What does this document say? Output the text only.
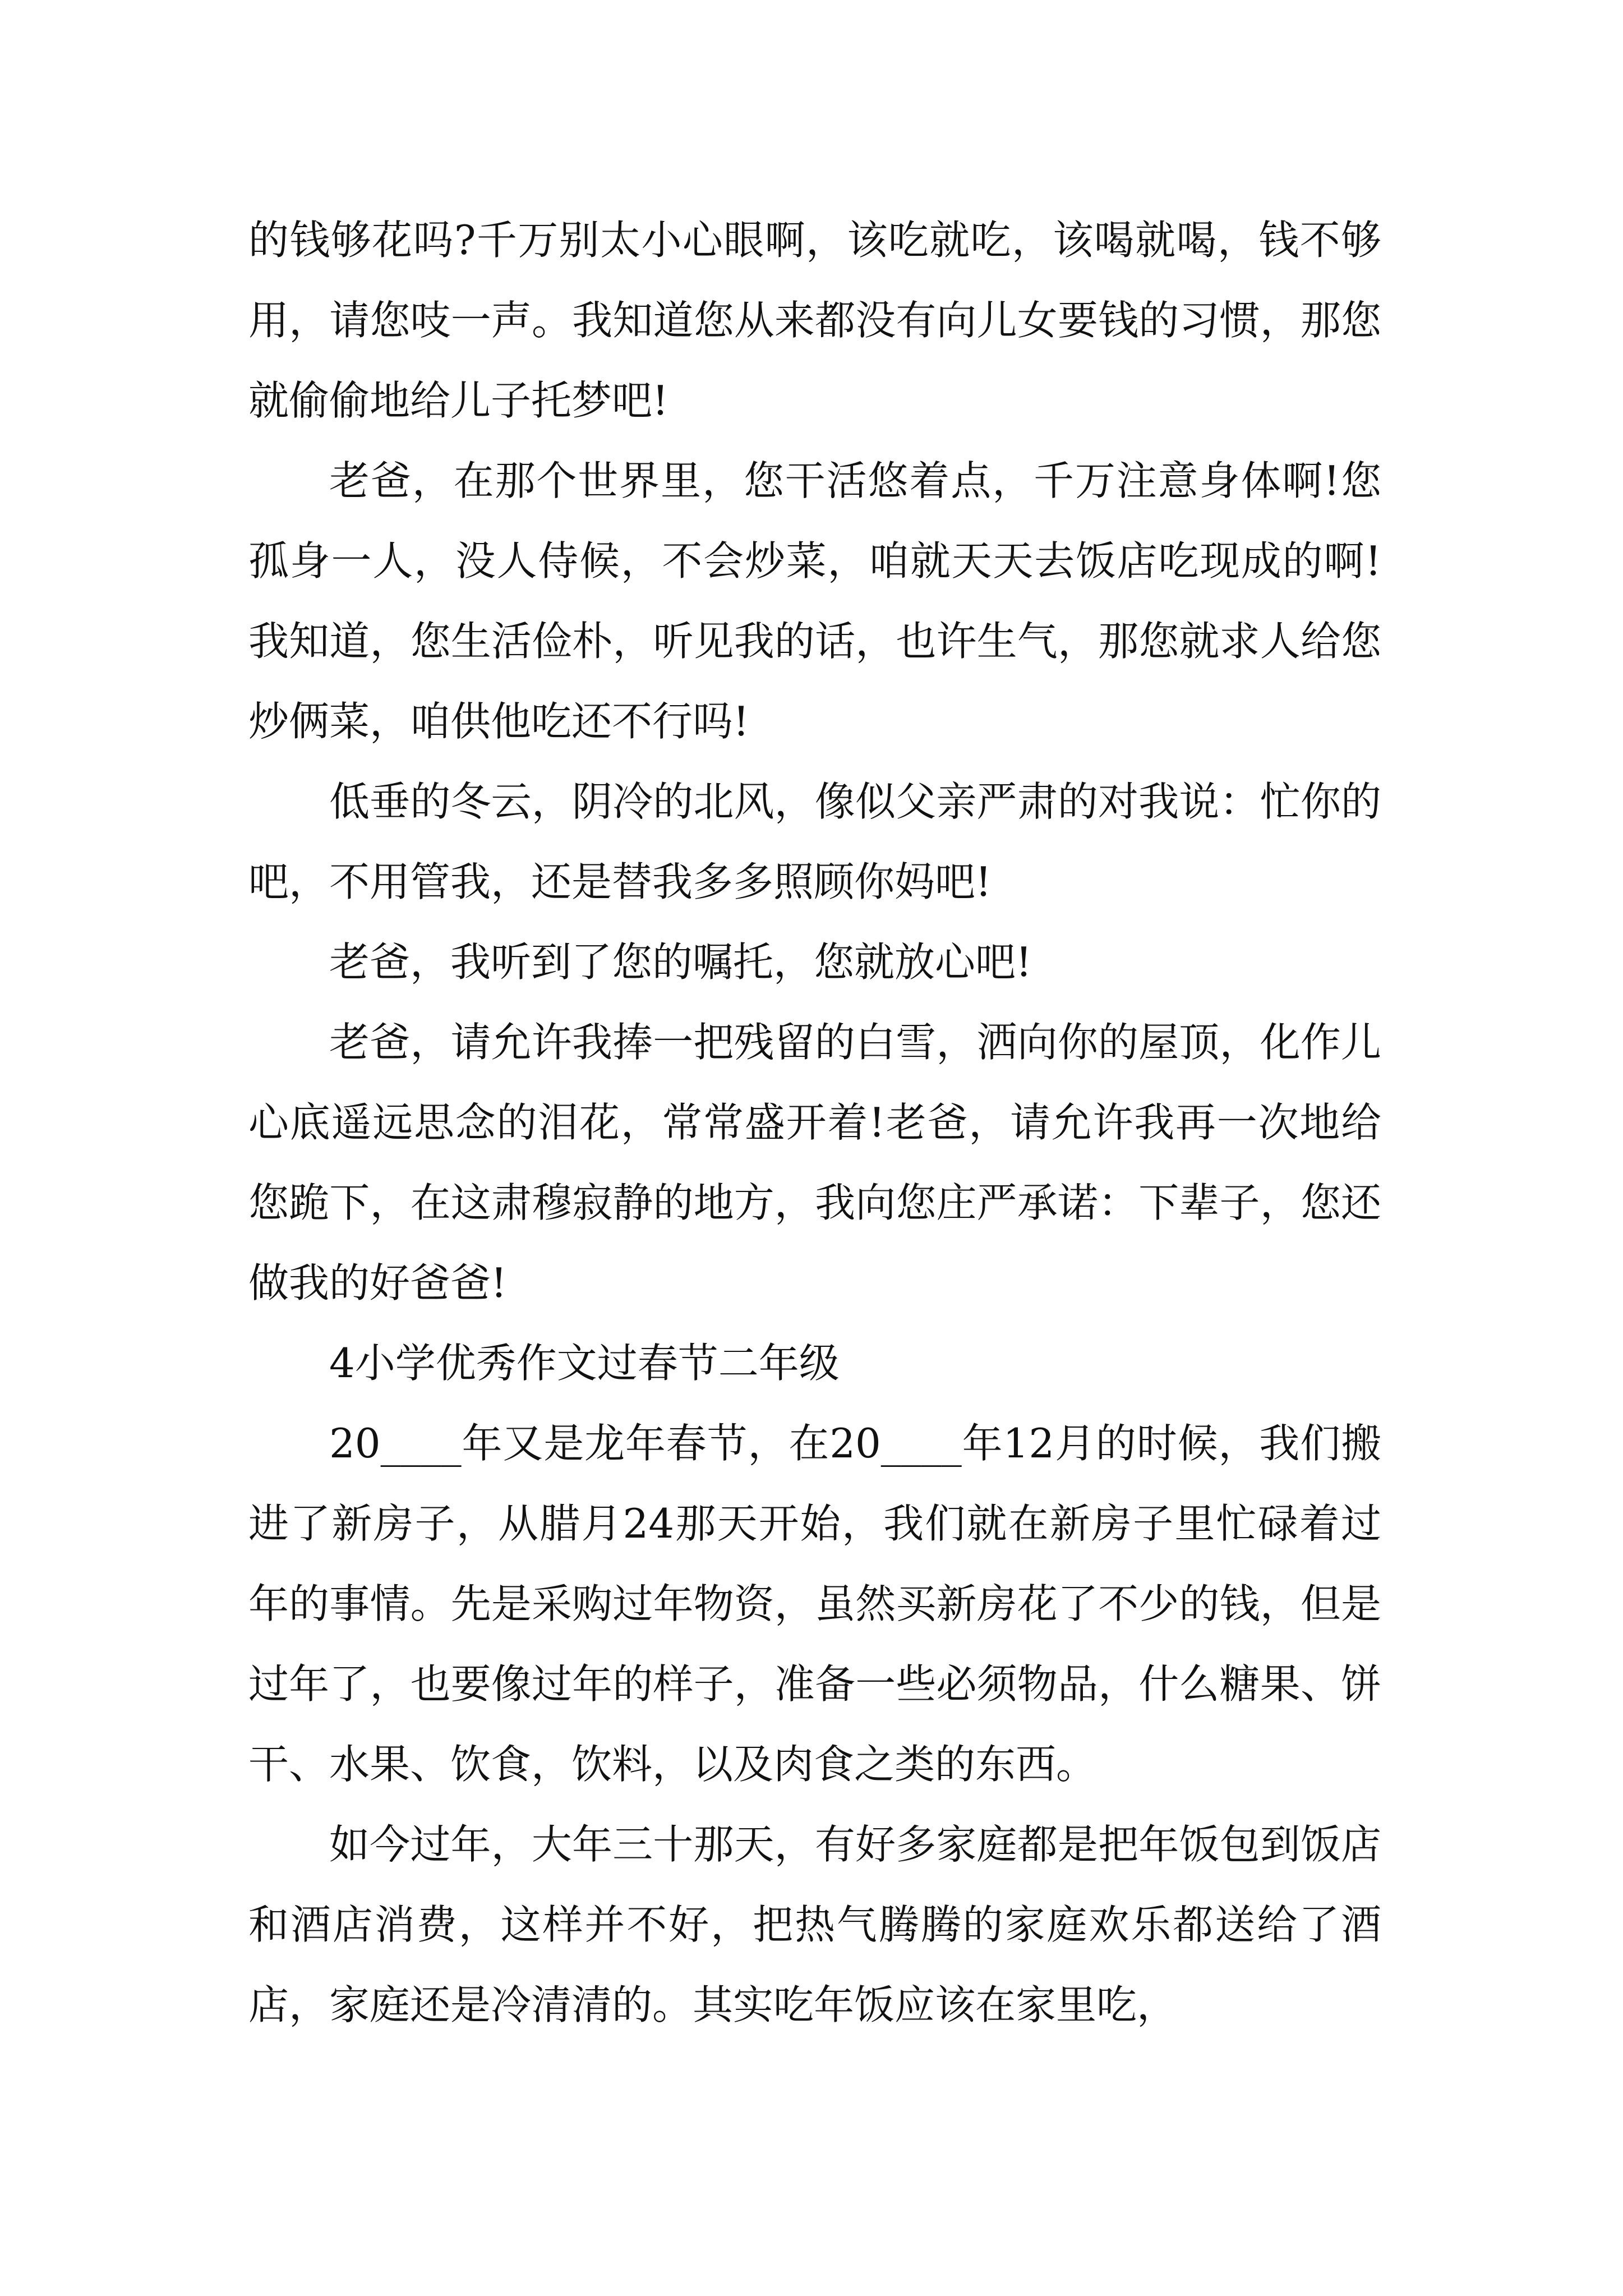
的钱够花吗?千万别太小心眼啊，该吃就吃，该喝就喝，钱不够用，请您吱一声。我知道您从来都没有向儿女要钱的习惯，那您就偷偷地给儿子托梦吧!

老爸，在那个世界里，您干活悠着点，千万注意身体啊!您孤身一人，没人侍候，不会炒菜，咱就天天去饭店吃现成的啊!我知道，您生活俭朴，听见我的话，也许生气，那您就求人给您炒俩菜，咱供他吃还不行吗!

低垂的冬云，阴冷的北风，像似父亲严肃的对我说：忙你的吧，不用管我，还是替我多多照顾你妈吧!

老爸，我听到了您的嘱托，您就放心吧!

老爸，请允许我捧一把残留的白雪，洒向你的屋顶，化作儿心底遥远思念的泪花，常常盛开着!老爸，请允许我再一次地给您跪下，在这肃穆寂静的地方，我向您庄严承诺：下辈子，您还做我的好爸爸!

4小学优秀作文过春节二年级

20____年又是龙年春节，在20____年12月的时候，我们搬进了新房子，从腊月24那天开始，我们就在新房子里忙碌着过年的事情。先是采购过年物资，虽然买新房花了不少的钱，但是过年了，也要像过年的样子，准备一些必须物品，什么糖果、饼干、水果、饮食，饮料，以及肉食之类的东西。

如今过年，大年三十那天，有好多家庭都是把年饭包到饭店和酒店消费，这样并不好，把热气腾腾的家庭欢乐都送给了酒店，家庭还是冷清清的。其实吃年饭应该在家里吃，
